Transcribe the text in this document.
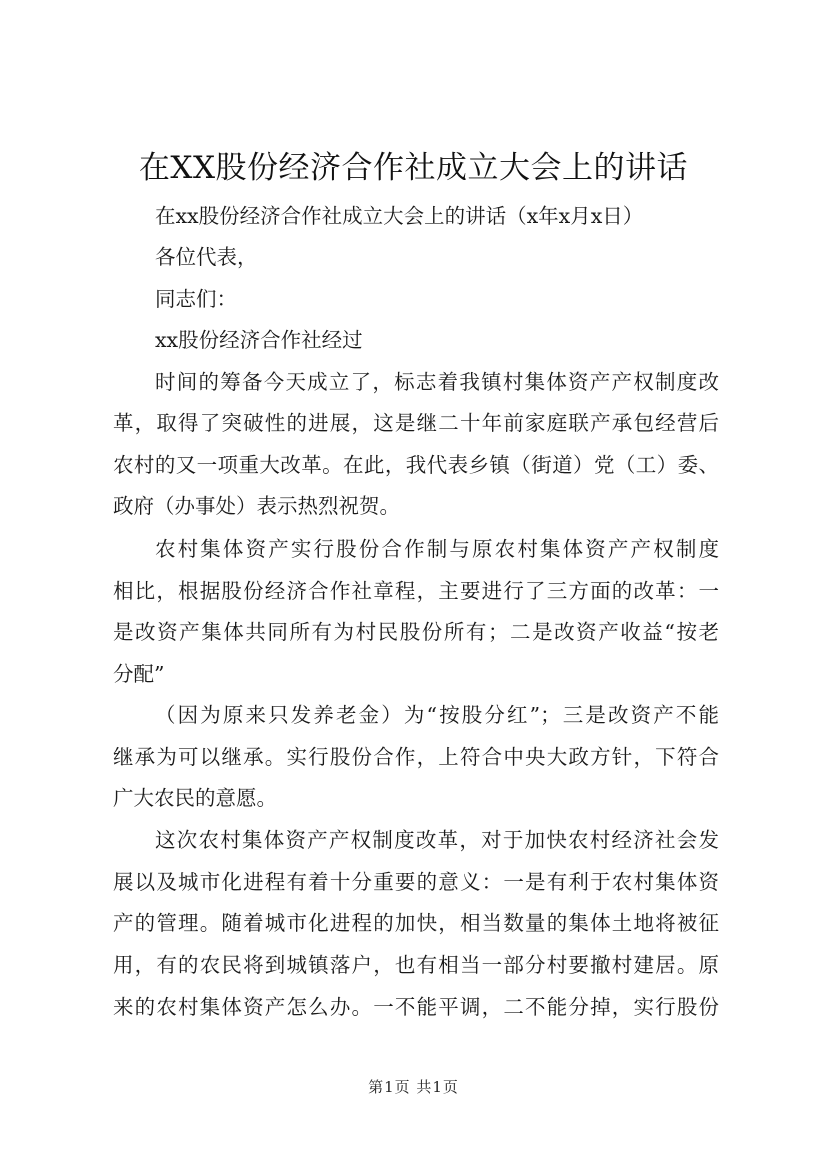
在XX股份经济合作社成立大会上的讲话
在xx股份经济合作社成立大会上的讲话（x年x月x日）
各位代表，
同志们：
xx股份经济合作社经过
时间的筹备今天成立了，标志着我镇村集体资产产权制度改
革，取得了突破性的进展，这是继二十年前家庭联产承包经营后
农村的又一项重大改革。在此，我代表乡镇（街道）党（工）委、
政府（办事处）表示热烈祝贺。
农村集体资产实行股份合作制与原农村集体资产产权制度
相比，根据股份经济合作社章程，主要进行了三方面的改革：一
是改资产集体共同所有为村民股份所有；二是改资产收益“按老
分配”
（因为原来只发养老金）为“按股分红”；三是改资产不能
继承为可以继承。实行股份合作，上符合中央大政方针，下符合
广大农民的意愿。
这次农村集体资产产权制度改革，对于加快农村经济社会发
展以及城市化进程有着十分重要的意义：一是有利于农村集体资
产的管理。随着城市化进程的加快，相当数量的集体土地将被征
用，有的农民将到城镇落户，也有相当一部分村要撤村建居。原
来的农村集体资产怎么办。一不能平调，二不能分掉，实行股份
第1页 共1页
